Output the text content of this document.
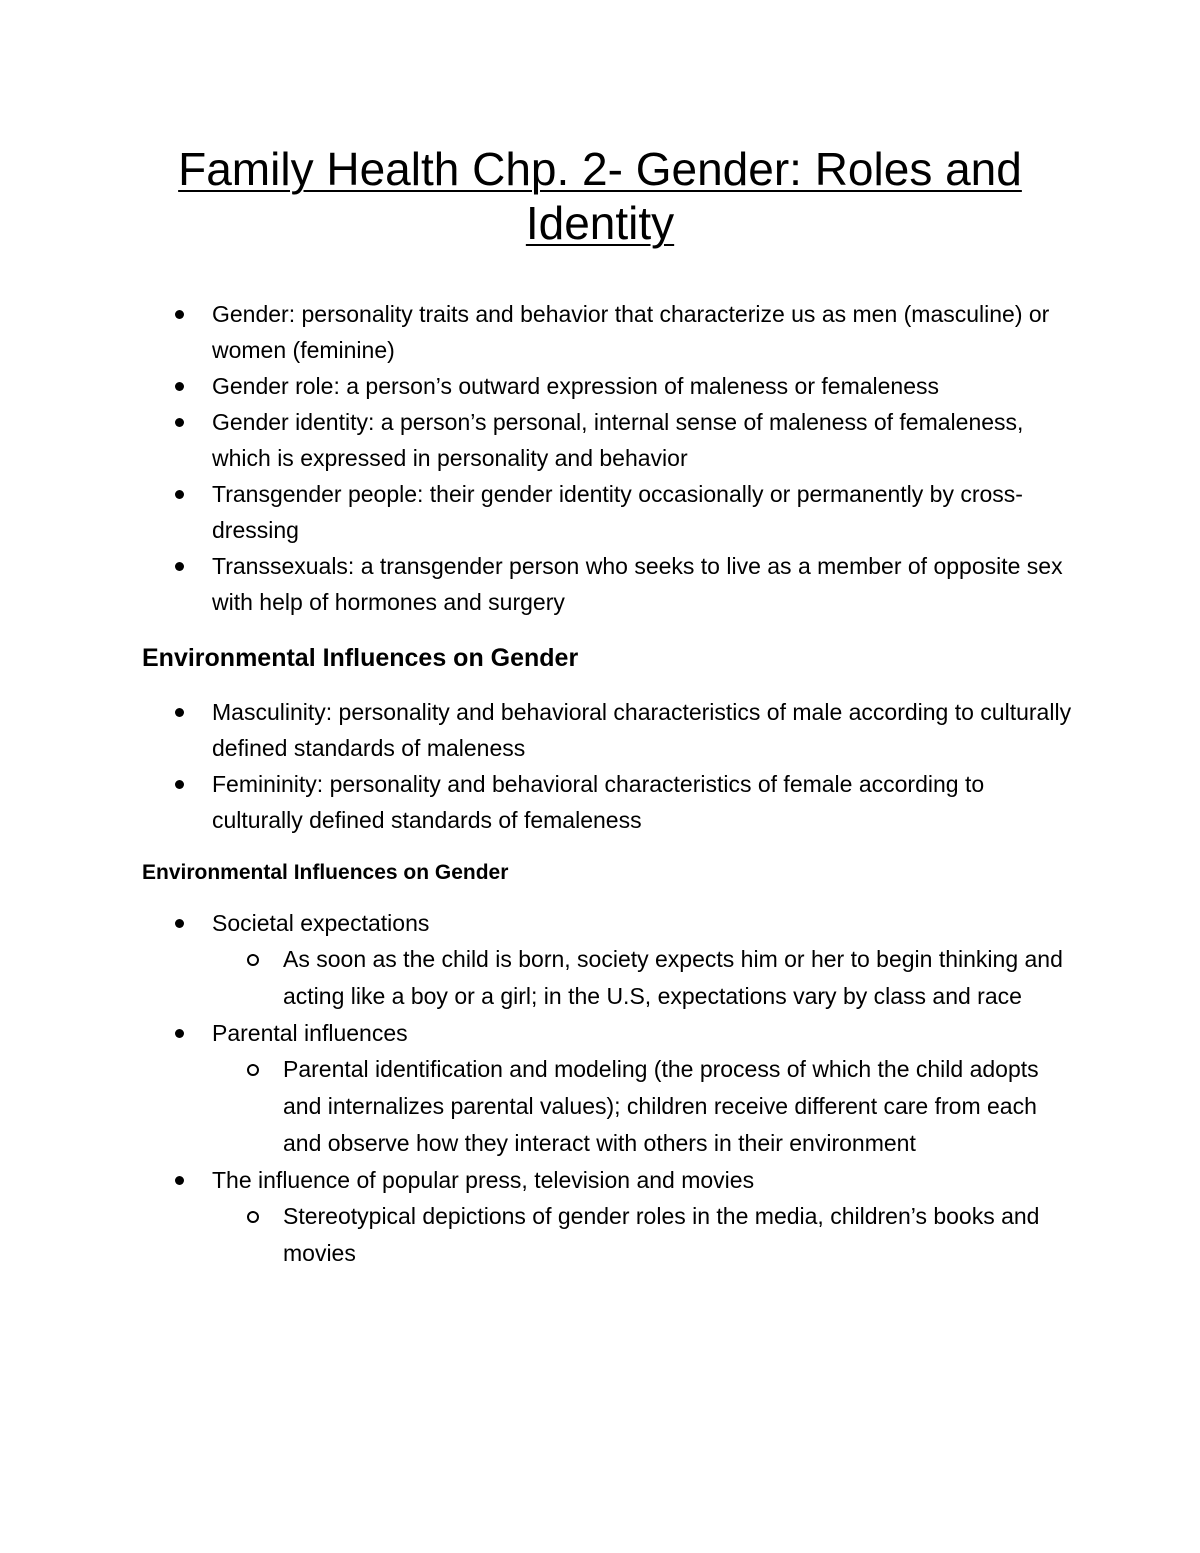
Family Health Chp. 2- Gender: Roles and Identity
Gender: personality traits and behavior that characterize us as men (masculine) or women (feminine)
Gender role: a person’s outward expression of maleness or femaleness
Gender identity: a person’s personal, internal sense of maleness of femaleness, which is expressed in personality and behavior
Transgender people: their gender identity occasionally or permanently by cross-dressing
Transsexuals: a transgender person who seeks to live as a member of opposite sex with help of hormones and surgery
Environmental Influences on Gender
Masculinity: personality and behavioral characteristics of male according to culturally defined standards of maleness
Femininity: personality and behavioral characteristics of female according to culturally defined standards of femaleness
Environmental Influences on Gender
Societal expectations
As soon as the child is born, society expects him or her to begin thinking and acting like a boy or a girl; in the U.S, expectations vary by class and race
Parental influences
Parental identification and modeling (the process of which the child adopts and internalizes parental values); children receive different care from each and observe how they interact with others in their environment
The influence of popular press, television and movies
Stereotypical depictions of gender roles in the media, children’s books and movies
